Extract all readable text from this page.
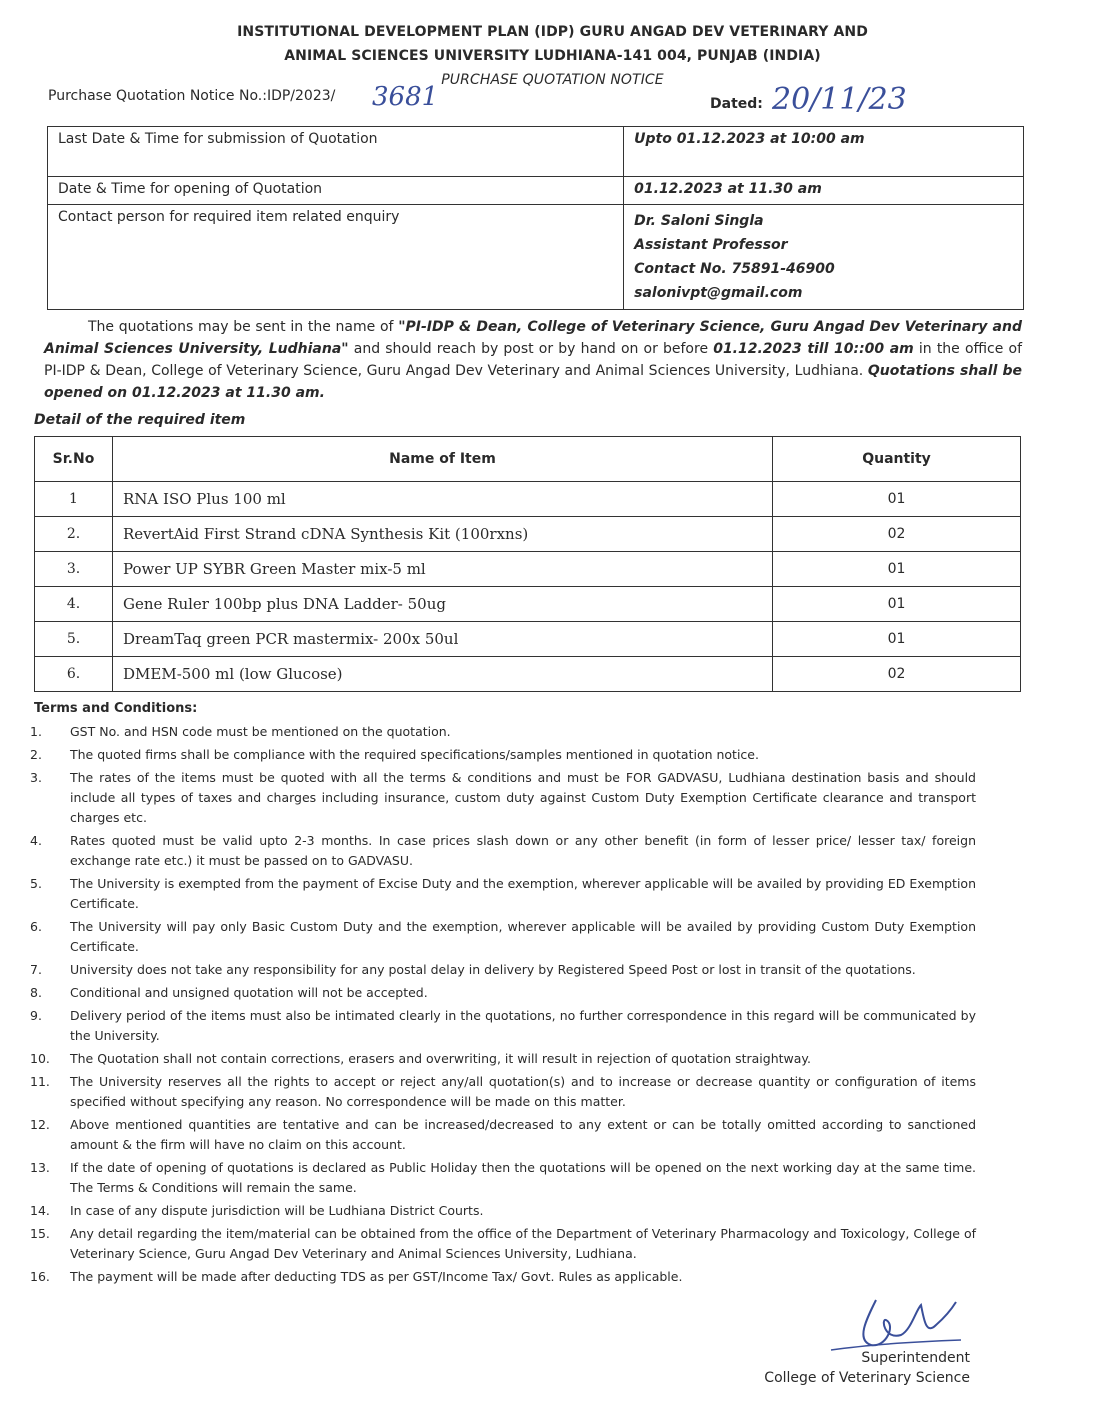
INSTITUTIONAL DEVELOPMENT PLAN (IDP) GURU ANGAD DEV VETERINARY AND
ANIMAL SCIENCES UNIVERSITY LUDHIANA-141 004, PUNJAB (INDIA)
PURCHASE QUOTATION NOTICE
Purchase Quotation Notice No.:IDP/2023/ 3681	Dated: 20/11/23
Last Date & Time for submission of Quotation	Upto 01.12.2023 at 10:00 am
Date & Time for opening of Quotation	01.12.2023 at 11.30 am
Contact person for required item related enquiry	Dr. Saloni Singla
Assistant Professor
Contact No. 75891-46900
salonivpt@gmail.com
The quotations may be sent in the name of "PI-IDP & Dean, College of Veterinary Science, Guru Angad Dev Veterinary and Animal Sciences University, Ludhiana" and should reach by post or by hand on or before 01.12.2023 till 10::00 am in the office of PI-IDP & Dean, College of Veterinary Science, Guru Angad Dev Veterinary and Animal Sciences University, Ludhiana. Quotations shall be opened on 01.12.2023 at 11.30 am.
Detail of the required item
Sr.No	Name of Item	Quantity
1	RNA ISO Plus 100 ml	01
2.	RevertAid First Strand cDNA Synthesis Kit (100rxns)	02
3.	Power UP SYBR Green Master mix-5 ml	01
4.	Gene Ruler 100bp plus DNA Ladder- 50ug	01
5.	DreamTaq green PCR mastermix- 200x 50ul	01
6.	DMEM-500 ml (low Glucose)	02
Terms and Conditions:
1.	GST No. and HSN code must be mentioned on the quotation.
2.	The quoted firms shall be compliance with the required specifications/samples mentioned in quotation notice.
3.	The rates of the items must be quoted with all the terms & conditions and must be FOR GADVASU, Ludhiana destination basis and should include all types of taxes and charges including insurance, custom duty against Custom Duty Exemption Certificate clearance and transport charges etc.
4.	Rates quoted must be valid upto 2-3 months. In case prices slash down or any other benefit (in form of lesser price/ lesser tax/ foreign exchange rate etc.) it must be passed on to GADVASU.
5.	The University is exempted from the payment of Excise Duty and the exemption, wherever applicable will be availed by providing ED Exemption Certificate.
6.	The University will pay only Basic Custom Duty and the exemption, wherever applicable will be availed by providing Custom Duty Exemption Certificate.
7.	University does not take any responsibility for any postal delay in delivery by Registered Speed Post or lost in transit of the quotations.
8.	Conditional and unsigned quotation will not be accepted.
9.	Delivery period of the items must also be intimated clearly in the quotations, no further correspondence in this regard will be communicated by the University.
10.	The Quotation shall not contain corrections, erasers and overwriting, it will result in rejection of quotation straightway.
11.	The University reserves all the rights to accept or reject any/all quotation(s) and to increase or decrease quantity or configuration of items specified without specifying any reason. No correspondence will be made on this matter.
12.	Above mentioned quantities are tentative and can be increased/decreased to any extent or can be totally omitted according to sanctioned amount & the firm will have no claim on this account.
13.	If the date of opening of quotations is declared as Public Holiday then the quotations will be opened on the next working day at the same time. The Terms & Conditions will remain the same.
14.	In case of any dispute jurisdiction will be Ludhiana District Courts.
15.	Any detail regarding the item/material can be obtained from the office of the Department of Veterinary Pharmacology and Toxicology, College of Veterinary Science, Guru Angad Dev Veterinary and Animal Sciences University, Ludhiana.
16.	The payment will be made after deducting TDS as per GST/Income Tax/ Govt. Rules as applicable.
Superintendent
College of Veterinary Science
